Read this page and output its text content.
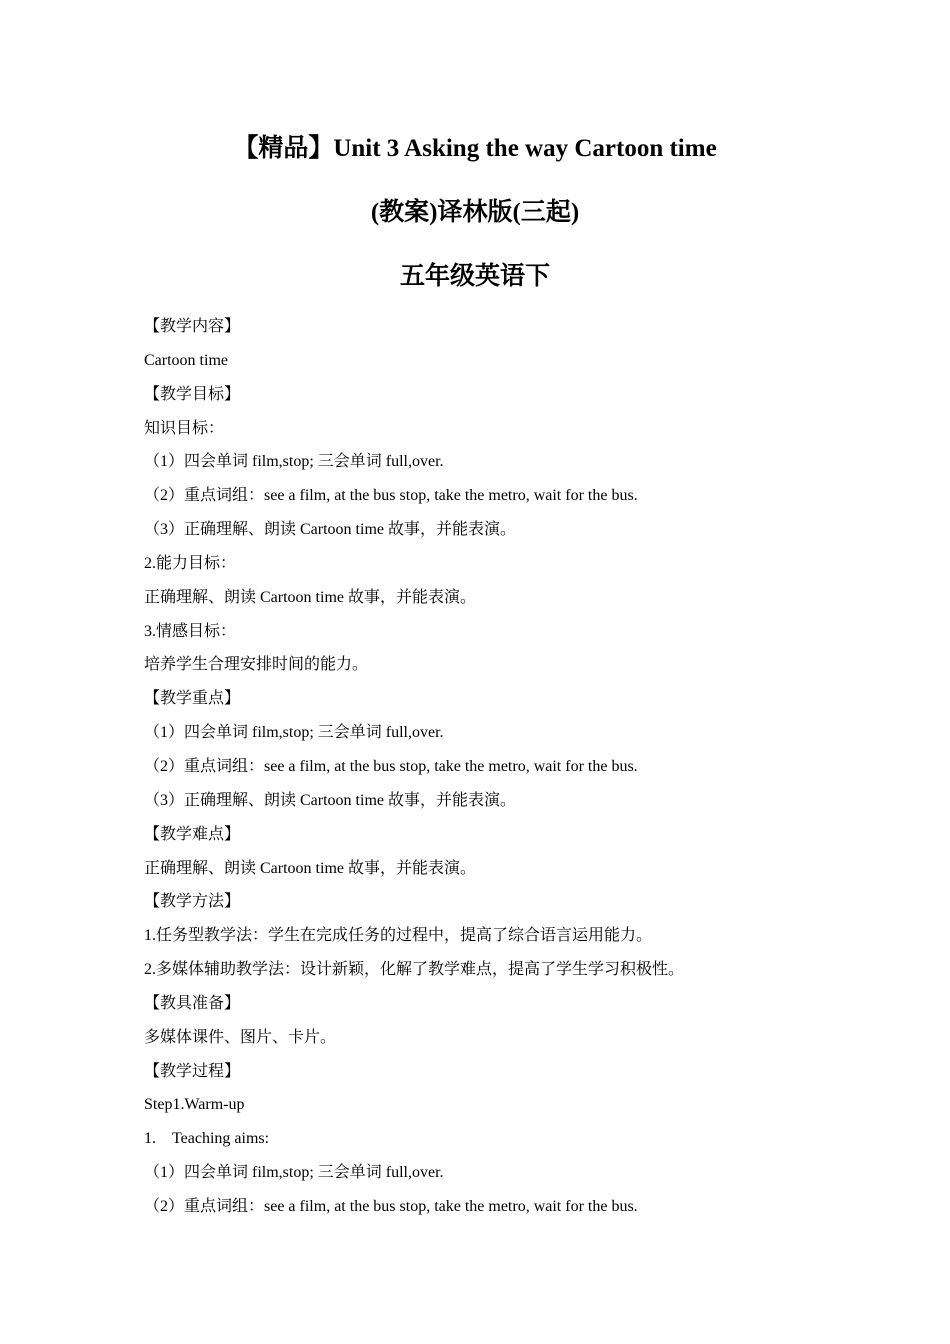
【精品】Unit 3 Asking the way Cartoon time
(教案)译林版(三起)
五年级英语下

【教学内容】

Cartoon time

【教学目标】

知识目标：

（1）四会单词 film,stop; 三会单词 full,over.

（2）重点词组：see a film, at the bus stop, take the metro, wait for the bus.

（3）正确理解、朗读 Cartoon time 故事，并能表演。

2.能力目标：

正确理解、朗读 Cartoon time 故事，并能表演。

3.情感目标：

培养学生合理安排时间的能力。

【教学重点】

（1）四会单词 film,stop; 三会单词 full,over.

（2）重点词组：see a film, at the bus stop, take the metro, wait for the bus.

（3）正确理解、朗读 Cartoon time 故事，并能表演。

【教学难点】

正确理解、朗读 Cartoon time 故事，并能表演。

【教学方法】

1.任务型教学法：学生在完成任务的过程中，提高了综合语言运用能力。

2.多媒体辅助教学法：设计新颖，化解了教学难点，提高了学生学习积极性。

【教具准备】

多媒体课件、图片、卡片。

【教学过程】

Step1.Warm-up

1.    Teaching aims:

（1）四会单词 film,stop; 三会单词 full,over.

（2）重点词组：see a film, at the bus stop, take the metro, wait for the bus.
